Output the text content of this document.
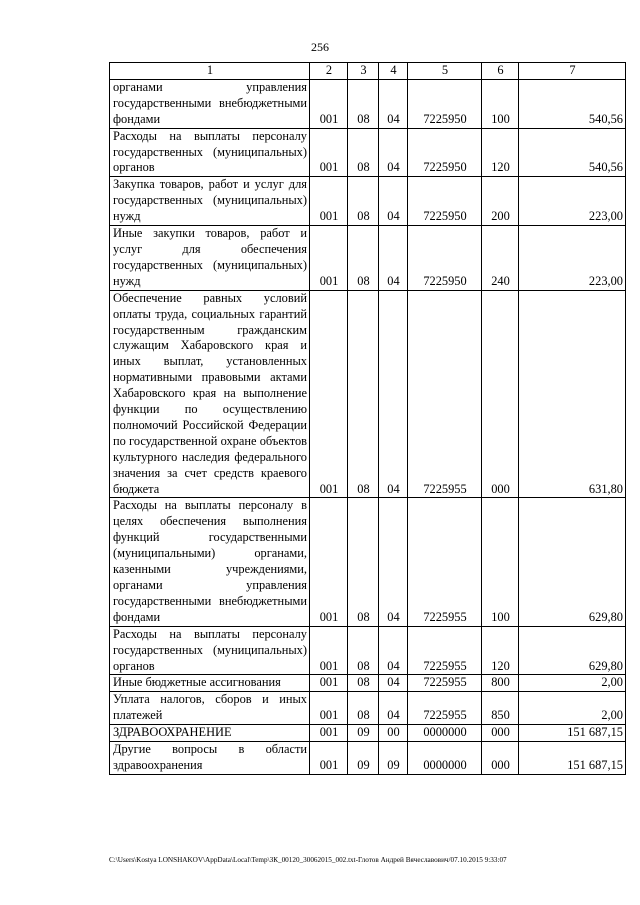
256
1	2	3	4	5	6	7
органами управления государственными внебюджетными фондами	001	08	04	7225950	100	540,56
Расходы на выплаты персоналу государственных (муниципальных) органов	001	08	04	7225950	120	540,56
Закупка товаров, работ и услуг для государственных (муниципальных) нужд	001	08	04	7225950	200	223,00
Иные закупки товаров, работ и услуг для обеспечения государственных (муниципальных) нужд	001	08	04	7225950	240	223,00
Обеспечение равных условий оплаты труда, социальных гарантий государственным гражданским служащим Хабаровского края и иных выплат, установленных нормативными правовыми актами Хабаровского края на выполнение функции по осуществлению полномочий Российской Федерации по государственной охране объектов культурного наследия федерального значения за счет средств краевого бюджета	001	08	04	7225955	000	631,80
Расходы на выплаты персоналу в целях обеспечения выполнения функций государственными (муниципальными) органами, казенными учреждениями, органами управления государственными внебюджетными фондами	001	08	04	7225955	100	629,80
Расходы на выплаты персоналу государственных (муниципальных) органов	001	08	04	7225955	120	629,80
Иные бюджетные ассигнования	001	08	04	7225955	800	2,00
Уплата налогов, сборов и иных платежей	001	08	04	7225955	850	2,00
ЗДРАВООХРАНЕНИЕ	001	09	00	0000000	000	151 687,15
Другие вопросы в области здравоохранения	001	09	09	0000000	000	151 687,15
C:\Users\Kostya LONSHAKOV\AppData\Local\Temp\ЗК_00120_30062015_002.txt-Глотов Андрей Вячеславович/07.10.2015 9:33:07
